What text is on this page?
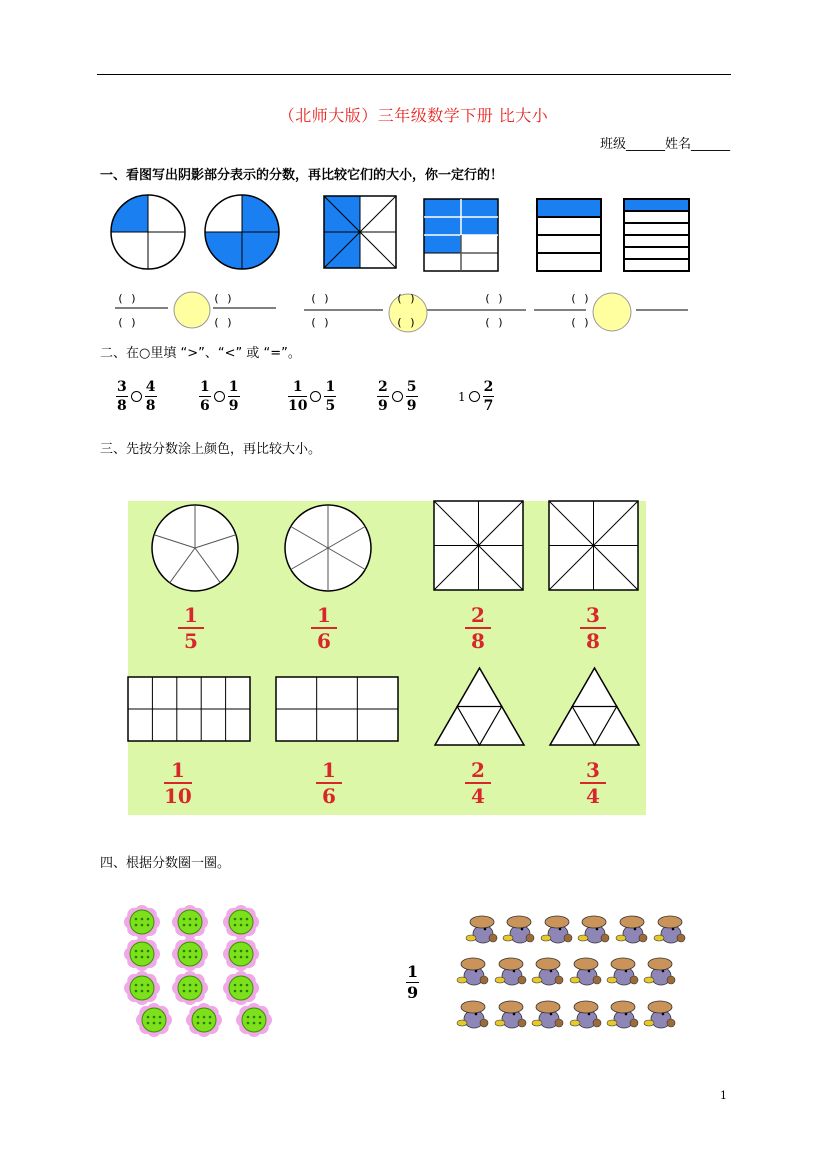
（北师大版）三年级数学下册 比大小
班级______姓名______
一、看图写出阴影部分表示的分数，再比较它们的大小，你一定行的！
( )
( )
( )
( )
( )
( )
( )
( )
( )
( )
( )
( )
二、在○里填 “>”、“<” 或 “=”。
$\frac{3}{8} \frac{4}{8}$	$\frac{1}{6} \frac{1}{9}$	$\frac{1}{10} \frac{1}{5}$	$\frac{2}{9} \frac{5}{9}$	$1 \frac{2}{7}$
三、先按分数涂上颜色，再比较大小。
1
5
1
6
2
8
3
8
1
10
1
6
2
4
3
4
四、根据分数圈一圈。
$\frac{1}{9}$
1
